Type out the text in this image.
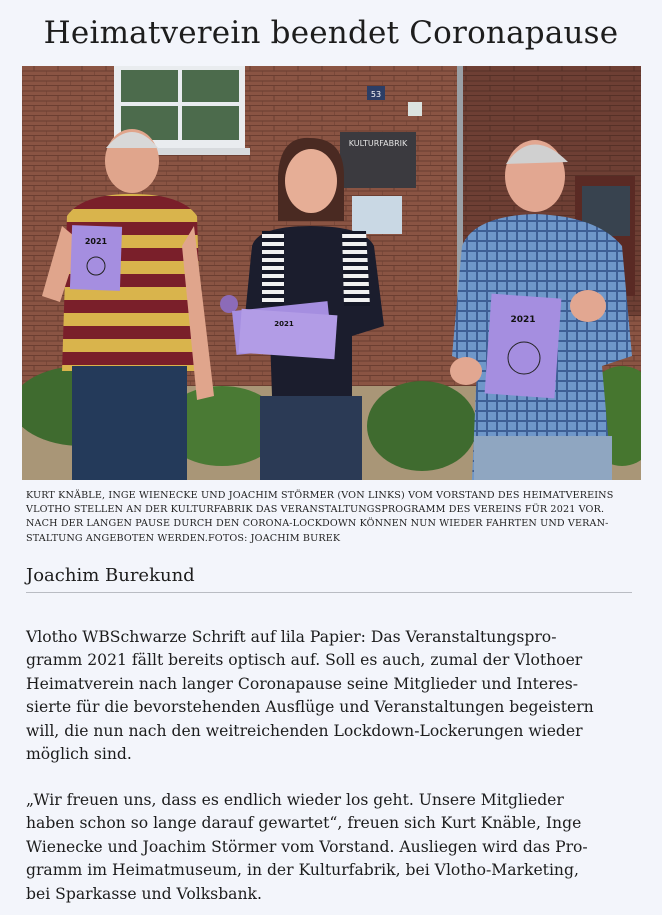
Heimatverein beendet Coronapause
53
KULTURFABRIK
2021
2021	2021
KURT KNÄBLE, INGE WIENECKE UND JOACHIM STÖRMER (VON LINKS) VOM VORSTAND DES HEIMATVEREINS
VLOTHO STELLEN AN DER KULTURFABRIK DAS VERANSTALTUNGSPROGRAMM DES VEREINS FÜR 2021 VOR.
NACH DER LANGEN PAUSE DURCH DEN CORONA-LOCKDOWN KÖNNEN NUN WIEDER FAHRTEN UND VERAN-
STALTUNG ANGEBOTEN WERDEN.FOTOS: JOACHIM BUREK
Joachim Burekund
Vlotho WBSchwarze Schrift auf lila Papier: Das Veranstaltungspro-
gramm 2021 fällt bereits optisch auf. Soll es auch, zumal der Vlothoer
Heimatverein nach langer Coronapause seine Mitglieder und Interes-
sierte für die bevorstehenden Ausflüge und Veranstaltungen begeistern
will, die nun nach den weitreichenden Lockdown-Lockerungen wieder
möglich sind.
„Wir freuen uns, dass es endlich wieder los geht. Unsere Mitglieder
haben schon so lange darauf gewartet“, freuen sich Kurt Knäble, Inge
Wienecke und Joachim Störmer vom Vorstand. Ausliegen wird das Pro-
gramm im Heimatmuseum, in der Kulturfabrik, bei Vlotho-Marketing,
bei Sparkasse und Volksbank.
